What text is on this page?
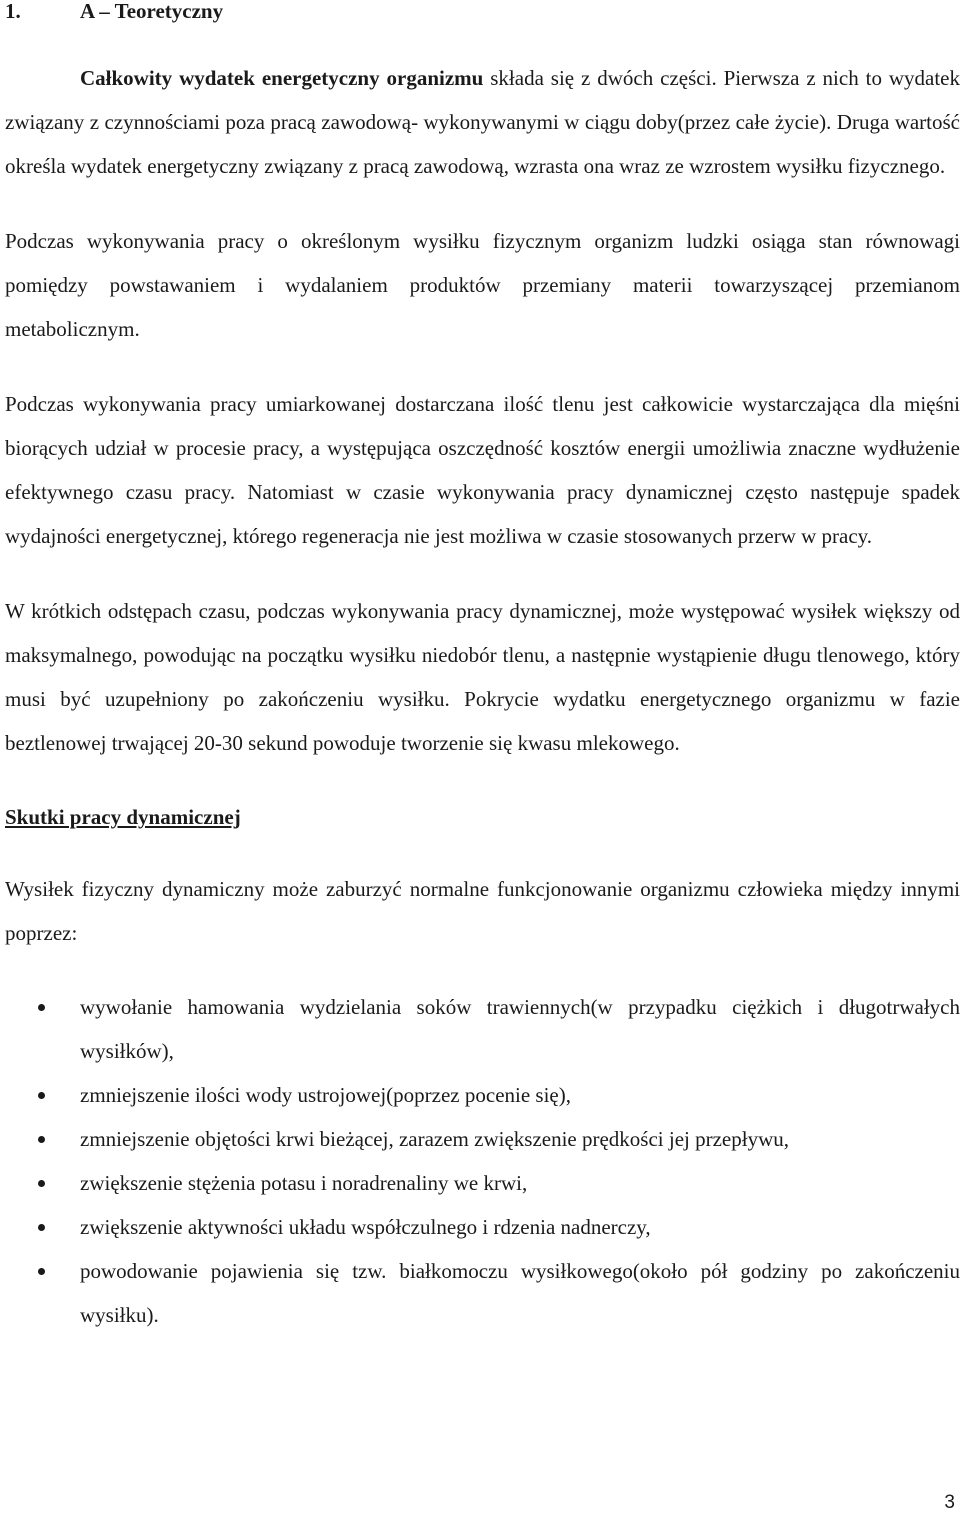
1.	A – Teoretyczny

Całkowity wydatek energetyczny organizmu składa się z dwóch części. Pierwsza z nich to wydatek związany z czynnościami poza pracą zawodową- wykonywanymi w ciągu doby(przez całe życie). Druga wartość określa wydatek energetyczny związany z pracą zawodową, wzrasta ona wraz ze wzrostem wysiłku fizycznego.

Podczas wykonywania pracy o określonym wysiłku fizycznym organizm ludzki osiąga stan równowagi pomiędzy powstawaniem i wydalaniem produktów przemiany materii towarzyszącej przemianom metabolicznym.

Podczas wykonywania pracy umiarkowanej dostarczana ilość tlenu jest całkowicie wystarczająca dla mięśni biorących udział w procesie pracy, a występująca oszczędność kosztów energii umożliwia znaczne wydłużenie efektywnego czasu pracy. Natomiast w czasie wykonywania pracy dynamicznej często następuje spadek wydajności energetycznej, którego regeneracja nie jest możliwa w czasie stosowanych przerw w pracy.

W krótkich odstępach czasu, podczas wykonywania pracy dynamicznej, może występować wysiłek większy od maksymalnego, powodując na początku wysiłku niedobór tlenu, a następnie wystąpienie długu tlenowego, który musi być uzupełniony po zakończeniu wysiłku. Pokrycie wydatku energetycznego organizmu w fazie beztlenowej trwającej 20-30 sekund powoduje tworzenie się kwasu mlekowego.

Skutki pracy dynamicznej

Wysiłek fizyczny dynamiczny może zaburzyć normalne funkcjonowanie organizmu człowieka między innymi poprzez:

wywołanie hamowania wydzielania soków trawiennych(w przypadku ciężkich i długotrwałych wysiłków),
zmniejszenie ilości wody ustrojowej(poprzez pocenie się),
zmniejszenie objętości krwi bieżącej, zarazem zwiększenie prędkości jej przepływu,
zwiększenie stężenia potasu i noradrenaliny we krwi,
zwiększenie aktywności układu współczulnego i rdzenia nadnerczy,
powodowanie pojawienia się tzw. białkomoczu wysiłkowego(około pół godziny po zakończeniu wysiłku).
3
